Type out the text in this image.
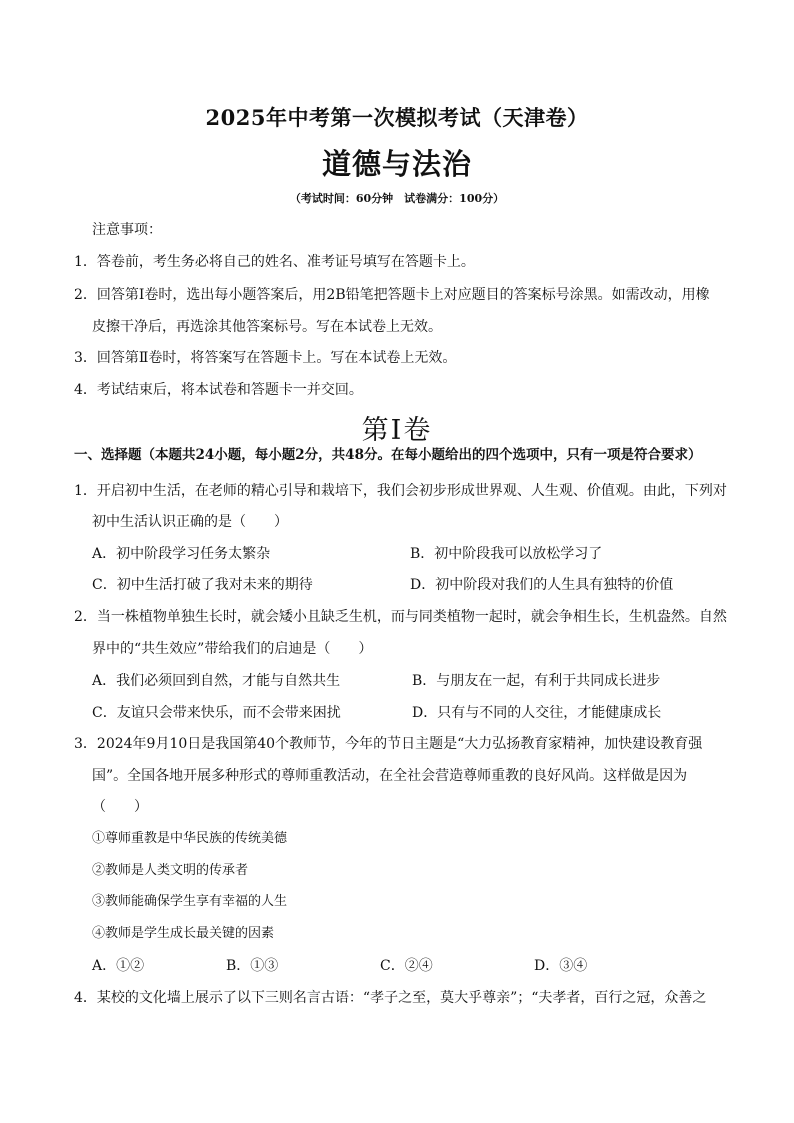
2025年中考第一次模拟考试（天津卷）
道德与法治
（考试时间：60分钟　试卷满分：100分）
注意事项：
1．答卷前，考生务必将自己的姓名、准考证号填写在答题卡上。
2．回答第Ⅰ卷时，选出每小题答案后，用2B铅笔把答题卡上对应题目的答案标号涂黑。如需改动，用橡
皮擦干净后，再选涂其他答案标号。写在本试卷上无效。
3．回答第Ⅱ卷时，将答案写在答题卡上。写在本试卷上无效。
4．考试结束后，将本试卷和答题卡一并交回。
第Ⅰ卷
一、选择题（本题共24小题，每小题2分，共48分。在每小题给出的四个选项中，只有一项是符合要求）
1．开启初中生活，在老师的精心引导和栽培下，我们会初步形成世界观、人生观、价值观。由此，下列对
初中生活认识正确的是（　　）
A．初中阶段学习任务太繁杂	B．初中阶段我可以放松学习了
C．初中生活打破了我对未来的期待	D．初中阶段对我们的人生具有独特的价值
2．当一株植物单独生长时，就会矮小且缺乏生机，而与同类植物一起时，就会争相生长，生机盎然。自然
界中的“共生效应”带给我们的启迪是（　　）
A．我们必须回到自然，才能与自然共生	B．与朋友在一起，有利于共同成长进步
C．友谊只会带来快乐，而不会带来困扰	D．只有与不同的人交往，才能健康成长
3．2024年9月10日是我国第40个教师节，今年的节日主题是“大力弘扬教育家精神，加快建设教育强
国”。全国各地开展多种形式的尊师重教活动，在全社会营造尊师重教的良好风尚。这样做是因为
（　　）
①尊师重教是中华民族的传统美德
②教师是人类文明的传承者
③教师能确保学生享有幸福的人生
④教师是学生成长最关键的因素
A．①②	B．①③	C．②④	D．③④
4．某校的文化墙上展示了以下三则名言古语：“孝子之至，莫大乎尊亲”；“夫孝者，百行之冠，众善之
